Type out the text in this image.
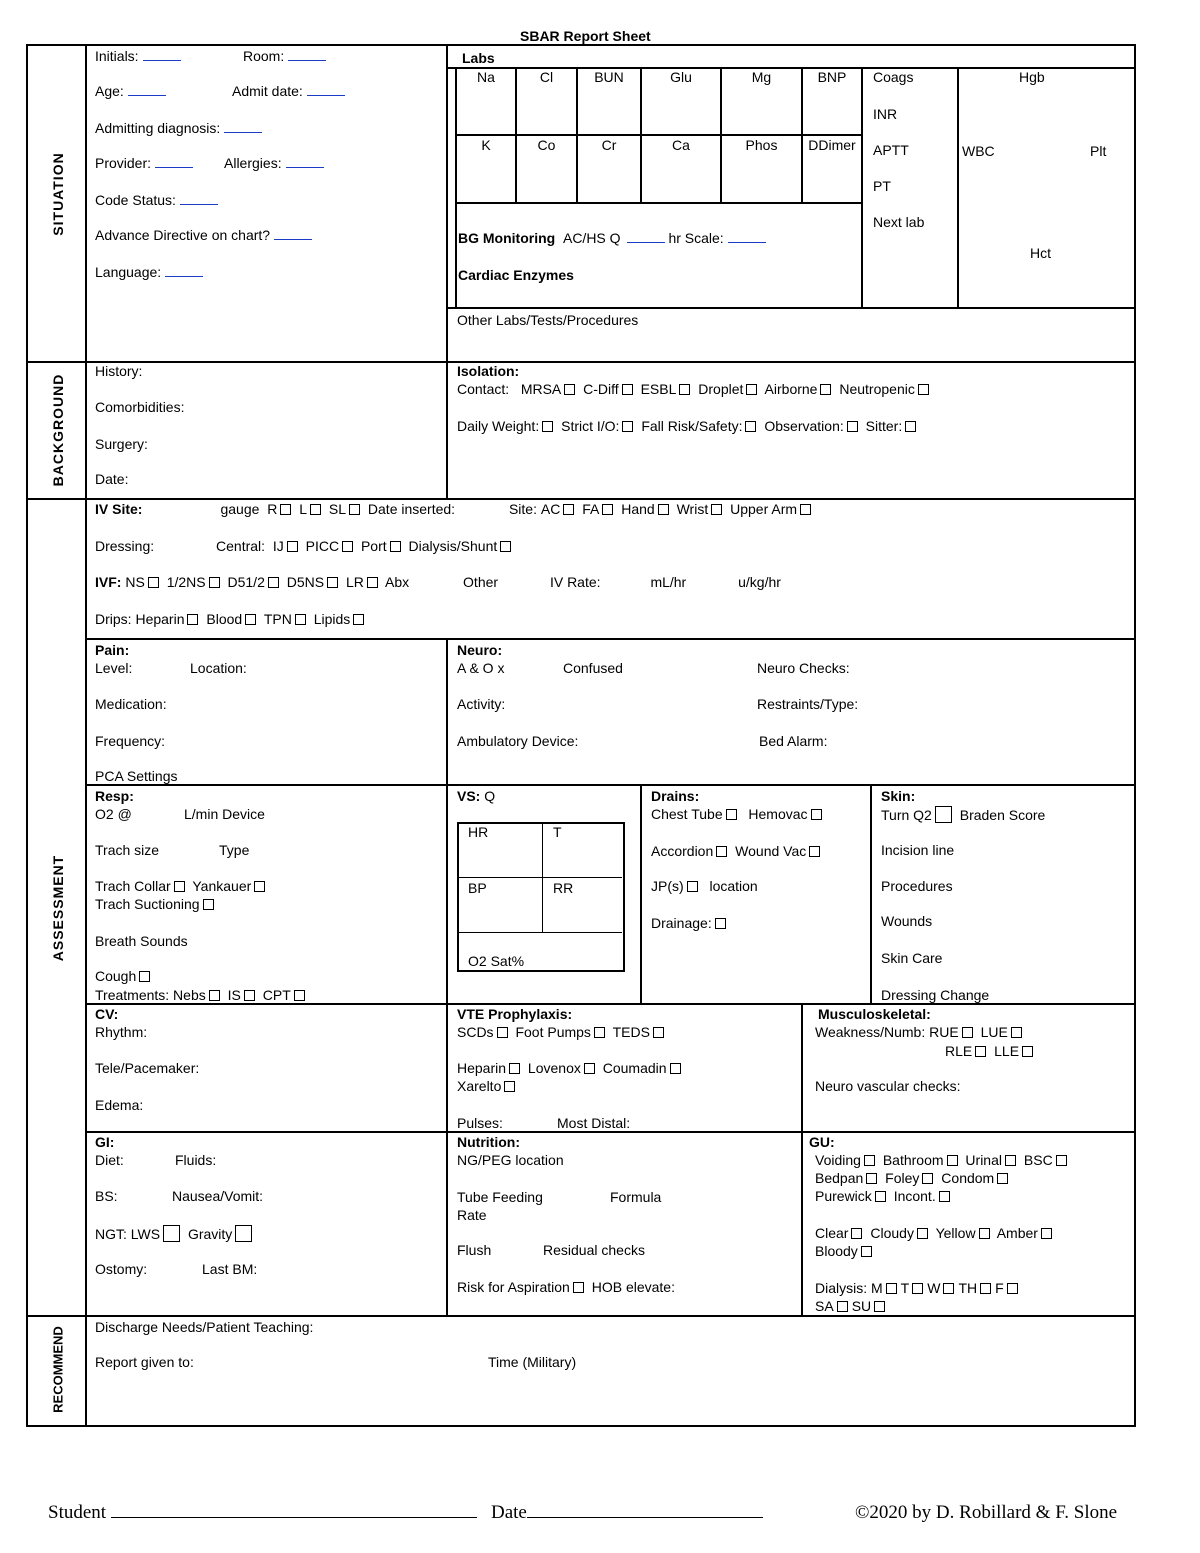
SBAR Report Sheet
SITUATION
BACKGROUND
ASSESSMENT
RECOMMEND
Initials:	Room:
Age:	Admit date:
Admitting diagnosis:
Provider:	Allergies:
Code Status:
Advance Directive on chart?
Language:
Labs
Na	Cl	BUN	Glu	Mg	BNP
K	Co	Cr	Ca	Phos	DDimer
Coags
INR
APTT
PT
Next lab
Hgb
WBC	Plt
Hct
BG Monitoring AC/HS Q	hr Scale:
Cardiac Enzymes
Other Labs/Tests/Procedures
History:
Comorbidities:
Surgery:
Date:
Isolation:
Contact: MRSA C-Diff ESBL Droplet Airborne Neutropenic
Daily Weight: Strict I/O: Fall Risk/Safety: Observation: Sitter:
IV Site:	gauge R L SL Date inserted:	Site: AC FA Hand Wrist Upper Arm
Dressing:	Central: IJ PICC Port Dialysis/Shunt
IVF: NS 1/2NS D51/2 D5NS LR Abx	Other	IV Rate:	mL/hr	u/kg/hr
Drips: Heparin Blood TPN Lipids
Pain:
Level:	Location:
Medication:
Frequency:
PCA Settings
Neuro:
A & O x	Confused	Neuro Checks:
Activity:	Restraints/Type:
Ambulatory Device:	Bed Alarm:
Resp:
O2 @	L/min Device
Trach size	Type
Trach Collar Yankauer
Trach Suctioning
Breath Sounds
Cough
Treatments: Nebs IS CPT
VS: Q
HR	T
BP	RR
O2 Sat%
Drains:
Chest Tube Hemovac
Accordion Wound Vac
JP(s) location
Drainage:
Skin:
Turn Q2 Braden Score
Incision line
Procedures
Wounds
Skin Care
Dressing Change
CV:
Rhythm:
Tele/Pacemaker:
Edema:
VTE Prophylaxis:
SCDs Foot Pumps TEDS
Heparin Lovenox Coumadin
Xarelto
Pulses:	Most Distal:
Musculoskeletal:
Weakness/Numb: RUE LUE
RLE LLE
Neuro vascular checks:
GI:
Diet:	Fluids:
BS:	Nausea/Vomit:
NGT: LWS Gravity
Ostomy:	Last BM:
Nutrition:
NG/PEG location
Tube Feeding	Formula
Rate
Flush	Residual checks
Risk for Aspiration HOB elevate:
GU:
Voiding Bathroom Urinal BSC
Bedpan Foley Condom
Purewick Incont.
Clear Cloudy Yellow Amber
Bloody
Dialysis: M T W TH F
SA SU
Discharge Needs/Patient Teaching:
Report given to:	Time (Military)
Student	Date	©2020 by D. Robillard & F. Slone
